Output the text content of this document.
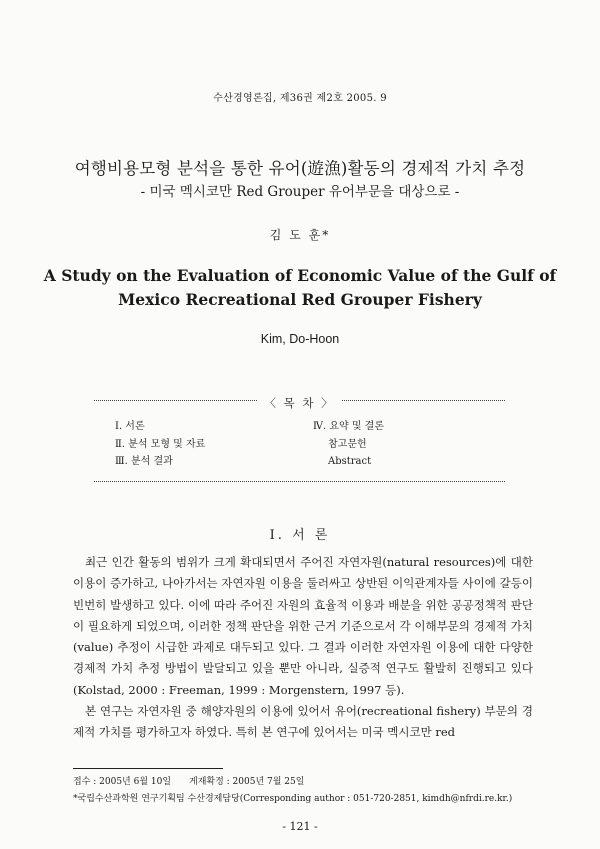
수산경영론집, 제36권 제2호 2005. 9
여행비용모형 분석을 통한 유어(遊漁)활동의 경제적 가치 추정
- 미국 멕시코만 Red Grouper 유어부문을 대상으로 -
김 도 훈*
A Study on the Evaluation of Economic Value of the Gulf of
Mexico Recreational Red Grouper Fishery
Kim, Do-Hoon
〈 목 차 〉
Ⅰ. 서론
Ⅱ. 분석 모형 및 자료
Ⅲ. 분석 결과
Ⅳ. 요약 및 결론
참고문헌
Abstract
Ⅰ. 서 론

최근 인간 활동의 범위가 크게 확대되면서 주어진 자연자원(natural resources)에 대한 이용이 증가하고, 나아가서는 자연자원 이용을 둘러싸고 상반된 이익관계자들 사이에 갈등이 빈번히 발생하고 있다. 이에 따라 주어진 자원의 효율적 이용과 배분을 위한 공공정책적 판단이 필요하게 되었으며, 이러한 정책 판단을 위한 근거 기준으로서 각 이해부문의 경제적 가치(value) 추정이 시급한 과제로 대두되고 있다. 그 결과 이러한 자연자원 이용에 대한 다양한 경제적 가치 추정 방법이 발달되고 있을 뿐만 아니라, 실증적 연구도 활발히 진행되고 있다(Kolstad, 2000 : Freeman, 1999 : Morgenstern, 1997 등).

본 연구는 자연자원 중 해양자원의 이용에 있어서 유어(recreational fishery) 부문의 경제적 가치를 평가하고자 하였다. 특히 본 연구에 있어서는 미국 멕시코만 red

접수 : 2005년 6월 10일 게재확정 : 2005년 7월 25일
*국립수산과학원 연구기획팀 수산경제담당(Corresponding author : 051-720-2851, kimdh@nfrdi.re.kr.)
- 121 -
